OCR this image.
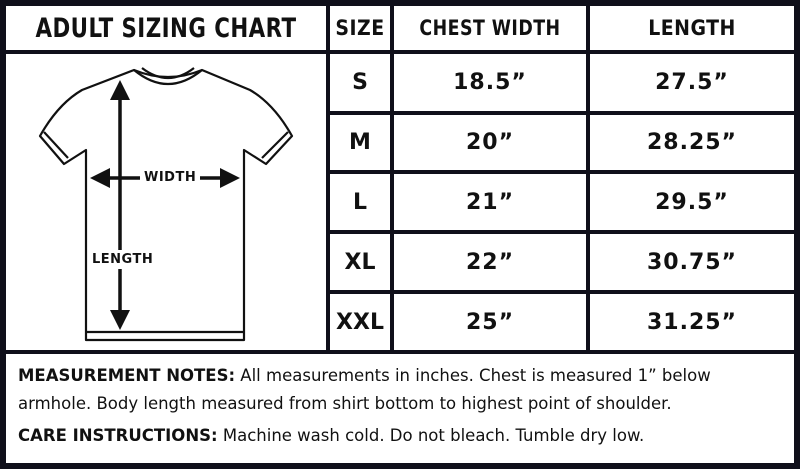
ADULT SIZING CHART	SIZE	CHEST WIDTH	LENGTH
WIDTH
LENGTH
S	18.5”	27.5”
M	20”	28.25”
L	21”	29.5”
XL	22”	30.75”
XXL	25”	31.25”

MEASUREMENT NOTES: All measurements in inches. Chest is measured 1” below armhole. Body length measured from shirt bottom to highest point of shoulder.

CARE INSTRUCTIONS: Machine wash cold. Do not bleach. Tumble dry low.
